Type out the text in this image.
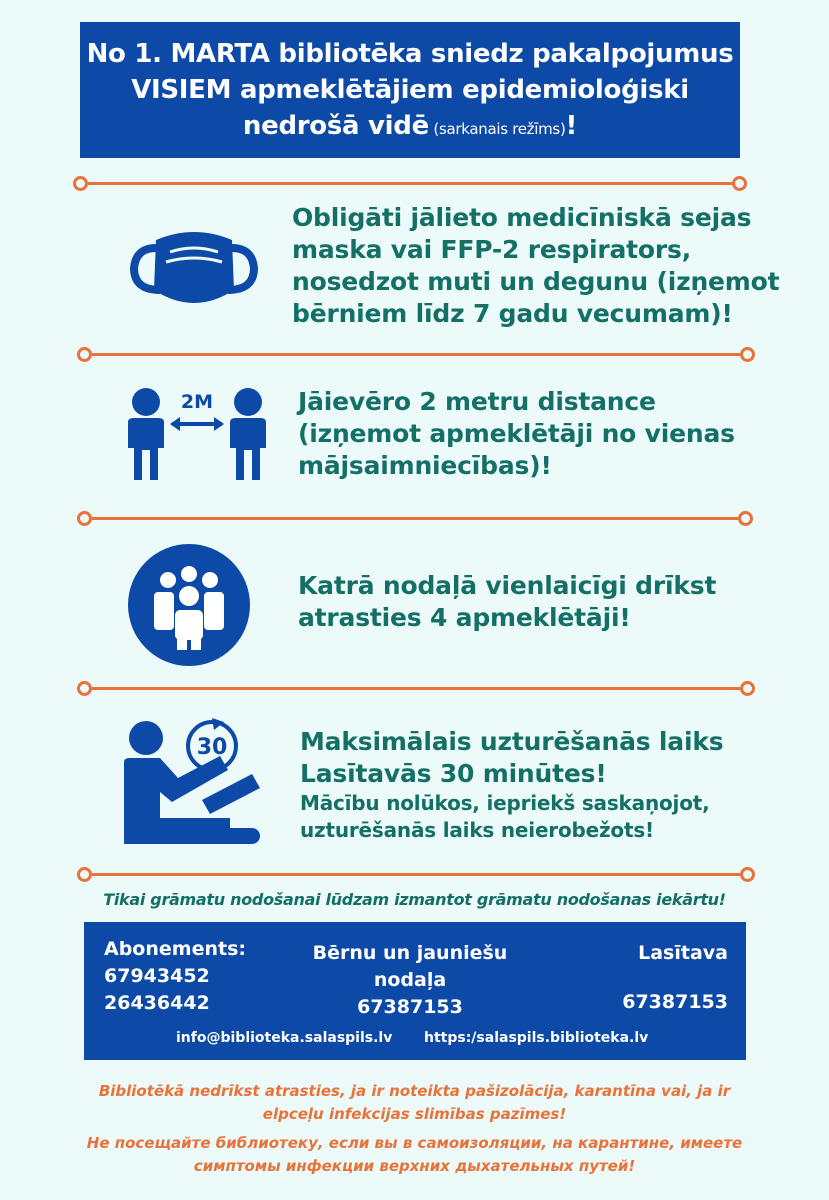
No 1. MARTA bibliotēka sniedz pakalpojumus
VISIEM apmeklētājiem epidemioloģiski
nedrošā vidē (sarkanais režīms)!
Obligāti jālieto medicīniskā sejas
maska vai FFP-2 respirators,
nosedzot muti un degunu (izņemot
bērniem līdz 7 gadu vecumam)!
2M	Jāievēro 2 metru distance
(izņemot apmeklētāji no vienas
mājsaimniecības)!
Katrā nodaļā vienlaicīgi drīkst
atrasties 4 apmeklētāji!
30	Maksimālais uzturēšanās laiks
Lasītavās 30 minūtes!
Mācību nolūkos, iepriekš saskaņojot,
uzturēšanās laiks neierobežots!
Tikai grāmatu nodošanai lūdzam izmantot grāmatu nodošanas iekārtu!
Abonements:
67943452
26436442
Bērnu un jauniešu
nodaļa
67387153
Lasītava
67387153
info@biblioteka.salaspils.lv https:/salaspils.biblioteka.lv
Bibliotēkā nedrīkst atrasties, ja ir noteikta pašizolācija, karantīna vai, ja ir
elpceļu infekcijas slimības pazīmes!
Не посещайте библиотеку, если вы в самоизоляции, на карантине, имеете
симптомы инфекции верхних дыхательных путей!
